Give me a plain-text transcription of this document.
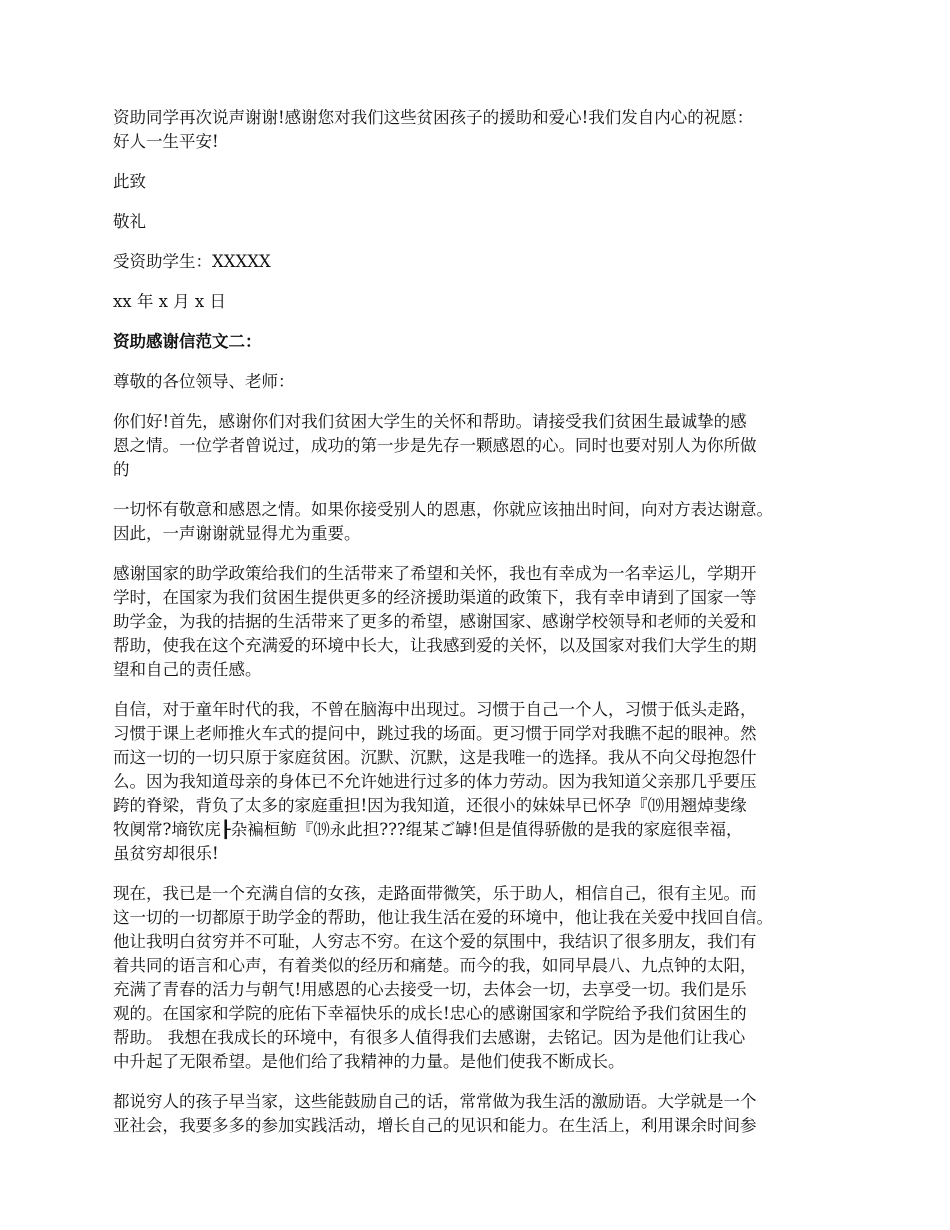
资助同学再次说声谢谢!感谢您对我们这些贫困孩子的援助和爱心!我们发自内心的祝愿：
好人一生平安!
此致
敬礼
受资助学生：XXXXX
xx 年 x 月 x 日
资助感谢信范文二：
尊敬的各位领导、老师：
你们好!首先，感谢你们对我们贫困大学生的关怀和帮助。请接受我们贫困生最诚挚的感
恩之情。一位学者曾说过，成功的第一步是先存一颗感恩的心。同时也要对别人为你所做
的
一切怀有敬意和感恩之情。如果你接受别人的恩惠，你就应该抽出时间，向对方表达谢意。
因此，一声谢谢就显得尤为重要。
感谢国家的助学政策给我们的生活带来了希望和关怀，我也有幸成为一名幸运儿，学期开
学时，在国家为我们贫困生提供更多的经济援助渠道的政策下，我有幸申请到了国家一等
助学金，为我的拮据的生活带来了更多的希望，感谢国家、感谢学校领导和老师的关爱和
帮助，使我在这个充满爱的环境中长大，让我感到爱的关怀，以及国家对我们大学生的期
望和自己的责任感。
自信，对于童年时代的我，不曾在脑海中出现过。习惯于自己一个人，习惯于低头走路，
习惯于课上老师推火车式的提问中，跳过我的场面。更习惯于同学对我瞧不起的眼神。然
而这一切的一切只原于家庭贫困。沉默、沉默，这是我唯一的选择。我从不向父母抱怨什
么。因为我知道母亲的身体已不允许她进行过多的体力劳动。因为我知道父亲那几乎要压
跨的脊梁，背负了太多的家庭重担!因为我知道，还很小的妹妹早已怀孕『⒆用翘焯斐缘
牧阒常?墒钦庑┠杂褊桓鲂『⒆永此担???绲某ご罅!但是值得骄傲的是我的家庭很幸福，
虽贫穷却很乐!
现在，我已是一个充满自信的女孩，走路面带微笑，乐于助人，相信自己，很有主见。而
这一切的一切都原于助学金的帮助，他让我生活在爱的环境中，他让我在关爱中找回自信。
他让我明白贫穷并不可耻，人穷志不穷。在这个爱的氛围中，我结识了很多朋友，我们有
着共同的语言和心声，有着类似的经历和痛楚。而今的我，如同早晨八、九点钟的太阳，
充满了青春的活力与朝气!用感恩的心去接受一切，去体会一切，去享受一切。我们是乐
观的。在国家和学院的庇佑下幸福快乐的成长!忠心的感谢国家和学院给予我们贫困生的
帮助。 我想在我成长的环境中，有很多人值得我们去感谢，去铭记。因为是他们让我心
中升起了无限希望。是他们给了我精神的力量。是他们使我不断成长。
都说穷人的孩子早当家，这些能鼓励自己的话，常常做为我生活的激励语。大学就是一个
亚社会，我要多多的参加实践活动，增长自己的见识和能力。在生活上，利用课余时间参
